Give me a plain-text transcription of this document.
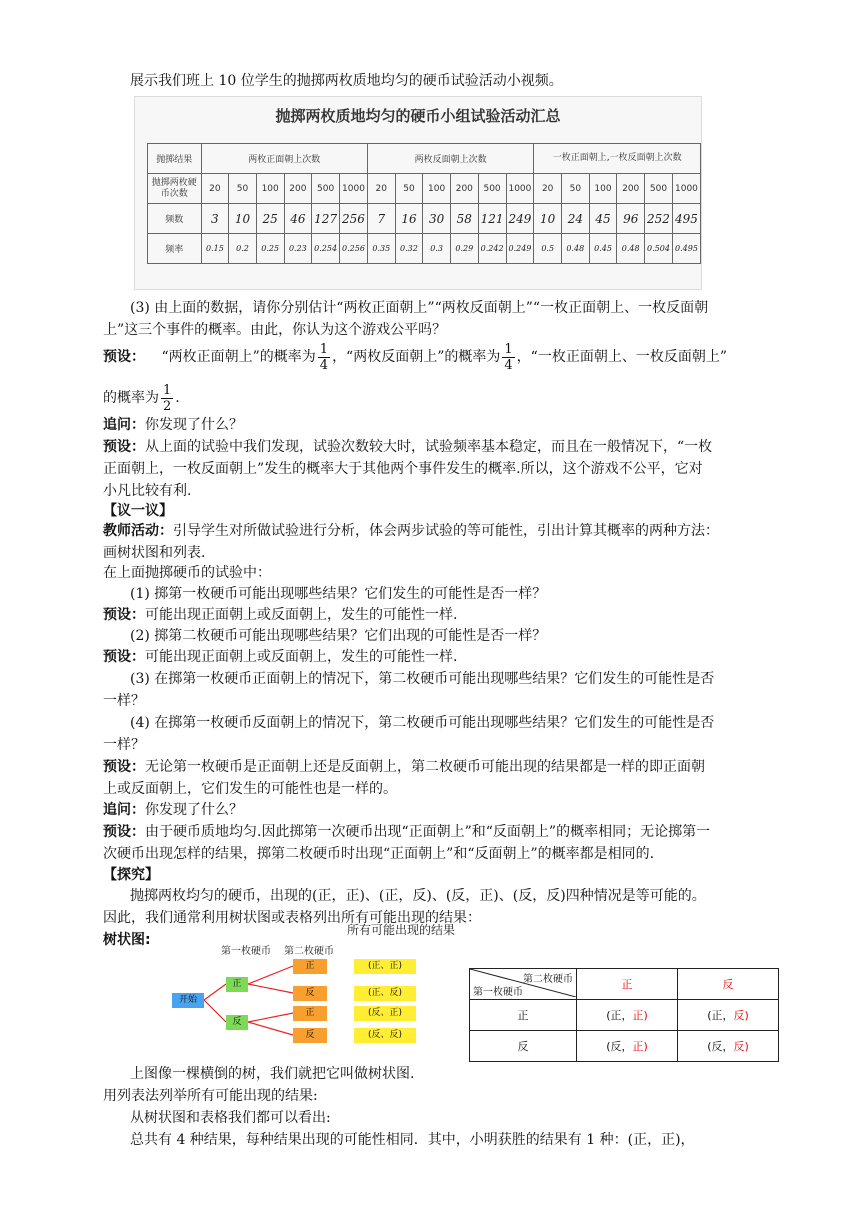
展示我们班上 10 位学生的抛掷两枚质地均匀的硬币试验活动小视频。
抛掷两枚质地均匀的硬币小组试验活动汇总
抛掷结果	两枚正面朝上次数						两枚反面朝上次数						一枚正面朝上,一枚反面朝上次数					
抛掷两枚硬币次数	20	50	100	200	500	1000	20	50	100	200	500	1000	20	50	100	200	500	1000
频数	3	10	25	46	127	256	7	16	30	58	121	249	10	24	45	96	252	495
频率	0.15	0.2	0.25	0.23	0.254	0.256	0.35	0.32	0.3	0.29	0.242	0.249	0.5	0.48	0.45	0.48	0.504	0.495
(3) 由上面的数据，请你分别估计“两枚正面朝上”“两枚反面朝上”“一枚正面朝上、一枚反面朝
上”这三个事件的概率。由此，你认为这个游戏公平吗？
预设： “两枚正面朝上”的概率为 $\frac{1}{4}$ ，“两枚反面朝上”的概率为 $\frac{1}{4}$ ，“一枚正面朝上、一枚反面朝上”
的概率为 $\frac{1}{2}$ .
追问：你发现了什么？
预设：从上面的试验中我们发现，试验次数较大时，试验频率基本稳定，而且在一般情况下，“一枚
正面朝上，一枚反面朝上”发生的概率大于其他两个事件发生的概率.所以，这个游戏不公平，它对
小凡比较有利.
【议一议】
教师活动：引导学生对所做试验进行分析，体会两步试验的等可能性，引出计算其概率的两种方法：
画树状图和列表.
在上面抛掷硬币的试验中：
(1) 掷第一枚硬币可能出现哪些结果？它们发生的可能性是否一样？
预设：可能出现正面朝上或反面朝上，发生的可能性一样.
(2) 掷第二枚硬币可能出现哪些结果？它们出现的可能性是否一样？
预设：可能出现正面朝上或反面朝上，发生的可能性一样.
(3) 在掷第一枚硬币正面朝上的情况下，第二枚硬币可能出现哪些结果？它们发生的可能性是否
一样？
(4) 在掷第一枚硬币反面朝上的情况下，第二枚硬币可能出现哪些结果？它们发生的可能性是否
一样？
预设：无论第一枚硬币是正面朝上还是反面朝上，第二枚硬币可能出现的结果都是一样的即正面朝
上或反面朝上，它们发生的可能性也是一样的。
追问：你发现了什么？
预设：由于硬币质地均匀.因此掷第一次硬币出现“正面朝上”和“反面朝上”的概率相同；无论掷第一
次硬币出现怎样的结果，掷第二枚硬币时出现“正面朝上”和“反面朝上”的概率都是相同的.
【探究】
抛掷两枚均匀的硬币，出现的(正，正)、(正，反)、(反，正)、(反，反)四种情况是等可能的。
因此，我们通常利用树状图或表格列出所有可能出现的结果：
树状图:
所有可能出现的结果
第一枚硬币 第二枚硬币
开始
正
反
正
反
正
反
(正、正)
(正、反)
(反、正)
(反、反)
第二枚硬币
第一枚硬币	正	反
正	(正，正)	(正，反)
反	(反，正)	(反，反)
上图像一棵横倒的树，我们就把它叫做树状图.
用列表法列举所有可能出现的结果:
从树状图和表格我们都可以看出:
总共有 4 种结果，每种结果出现的可能性相同．其中，小明获胜的结果有 1 种：(正，正)，
